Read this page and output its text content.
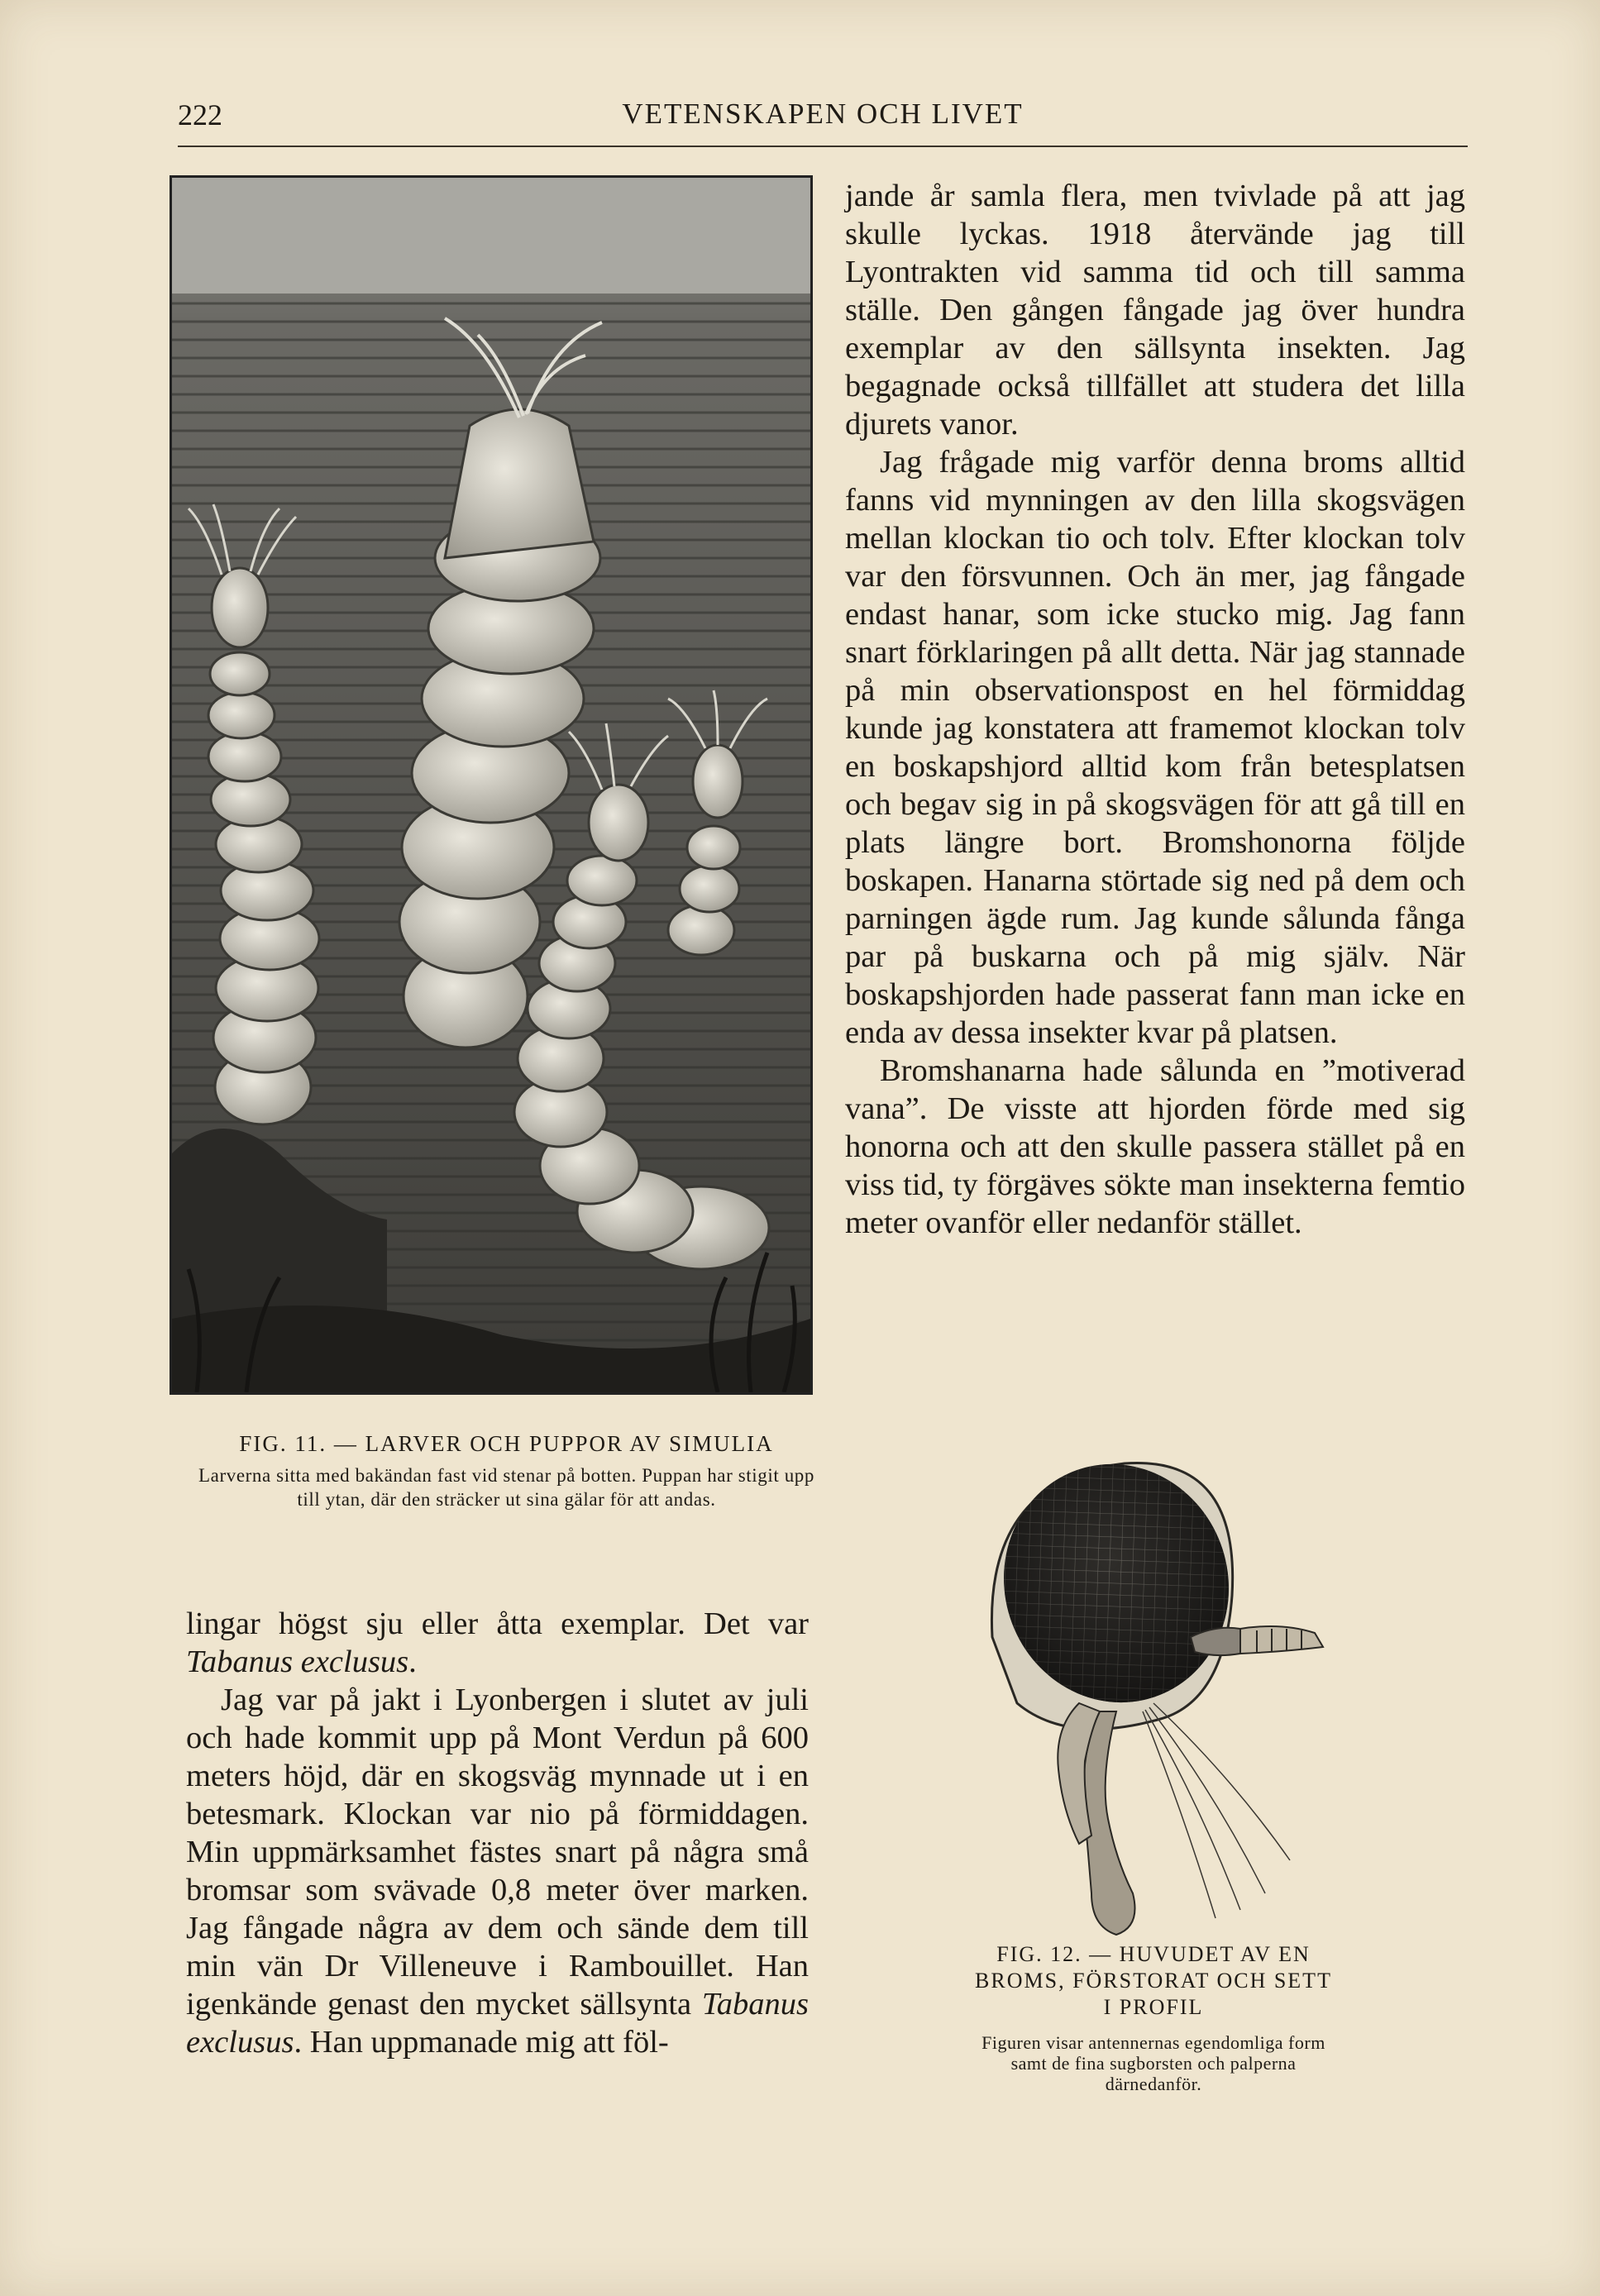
222	VETENSKAPEN OCH LIVET
FIG. 11. — LARVER OCH PUPPOR AV SIMULIA
Larverna sitta med bakändan fast vid stenar på botten. Puppan har stigit upp till ytan, där den sträcker ut sina gälar för att andas.

jande år samla flera, men tvivlade på att jag skulle lyckas. 1918 återvände jag till Lyontrakten vid samma tid och till samma ställe. Den gången fångade jag över hundra exemplar av den sällsynta insekten. Jag begagnade också tillfället att studera det lilla djurets vanor.

Jag frågade mig varför denna broms alltid fanns vid mynningen av den lilla skogsvägen mellan klockan tio och tolv. Efter klockan tolv var den försvunnen. Och än mer, jag fångade endast hanar, som icke stucko mig. Jag fann snart förklaringen på allt detta. När jag stannade på min observationspost en hel förmiddag kunde jag konstatera att framemot klockan tolv en boskapshjord alltid kom från betesplatsen och begav sig in på skogsvägen för att gå till en plats längre bort. Bromshonorna följde boskapen. Hanarna störtade sig ned på dem och parningen ägde rum. Jag kunde sålunda fånga par på buskarna och på mig själv. När boskapshjorden hade passerat fann man icke en enda av dessa insekter kvar på platsen.

Bromshanarna hade sålunda en ”motiverad vana”. De visste att hjorden förde med sig honorna och att den skulle passera stället på en viss tid, ty förgäves sökte man insekterna femtio meter ovanför eller nedanför stället.

lingar högst sju eller åtta exemplar. Det var Tabanus exclusus.

Jag var på jakt i Lyonbergen i slutet av juli och hade kommit upp på Mont Verdun på 600 meters höjd, där en skogsväg mynnade ut i en betesmark. Klockan var nio på förmiddagen. Min uppmärksamhet fästes snart på några små bromsar som svävade 0,8 meter över marken. Jag fångade några av dem och sände dem till min vän Dr Villeneuve i Rambouillet. Han igenkände genast den mycket sällsynta Tabanus exclusus. Han uppmanade mig att föl-

FIG. 12. — HUVUDET AV EN BROMS, FÖRSTORAT OCH SETT I PROFIL
Figuren visar antennernas egendomliga form samt de fina sugborsten och palperna därnedanför.
